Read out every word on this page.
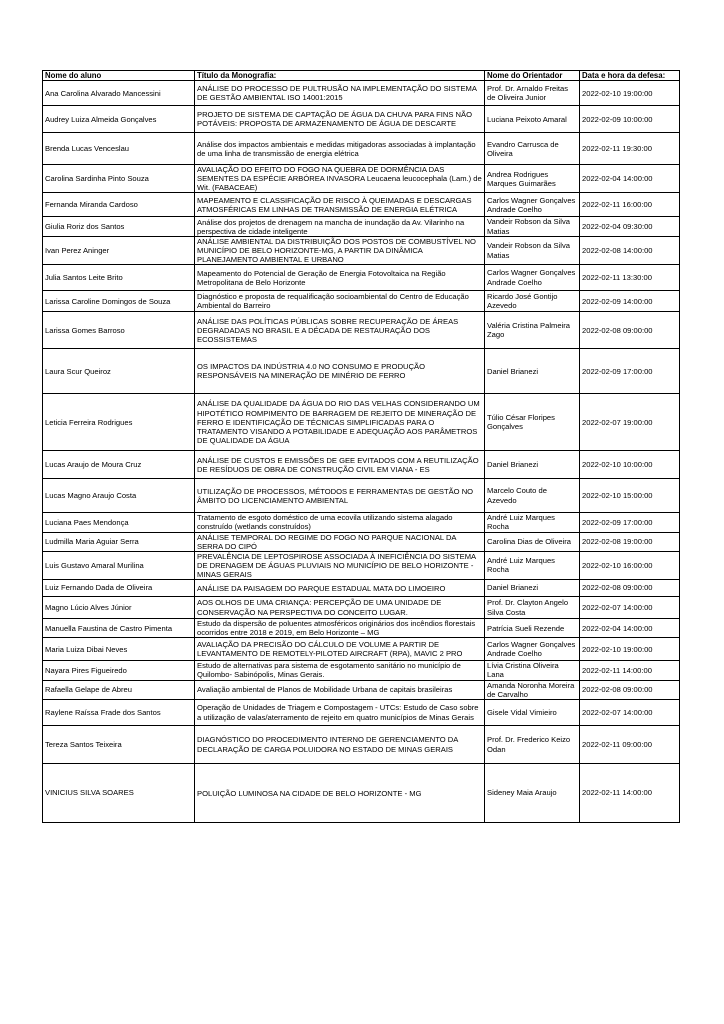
Nome do aluno	Título da Monografia:	Nome do Orientador	Data e hora da defesa:
Ana Carolina Alvarado Mancessini	ANÁLISE DO PROCESSO DE PULTRUSÃO NA IMPLEMENTAÇÃO DO SISTEMA DE GESTÃO AMBIENTAL ISO 14001:2015	Prof. Dr. Arnaldo Freitas de Oliveira Junior	2022-02-10 19:00:00
Audrey Luiza Almeida Gonçalves	PROJETO DE SISTEMA DE CAPTAÇÃO DE ÁGUA DA CHUVA PARA FINS NÃO POTÁVEIS: PROPOSTA DE ARMAZENAMENTO DE ÁGUA DE DESCARTE	Luciana Peixoto Amaral	2022-02-09 10:00:00
Brenda Lucas Venceslau	Análise dos impactos ambientais e medidas mitigadoras associadas à implantação de uma linha de transmissão de energia elétrica	Evandro Carrusca de Oliveira	2022-02-11 19:30:00
Carolina Sardinha Pinto Souza	AVALIAÇÃO DO EFEITO DO FOGO NA QUEBRA DE DORMÊNCIA DAS SEMENTES DA ESPÉCIE ARBÓREA INVASORA Leucaena leucocephala (Lam.) de Wit. (FABACEAE)	Andrea Rodrigues Marques Guimarães	2022-02-04 14:00:00
Fernanda Miranda Cardoso	MAPEAMENTO E CLASSIFICAÇÃO DE RISCO À QUEIMADAS E DESCARGAS ATMOSFÉRICAS EM LINHAS DE TRANSMISSÃO DE ENERGIA ELÉTRICA	Carlos Wagner Gonçalves Andrade Coelho	2022-02-11 16:00:00
Giulia Roriz dos Santos	Análise dos projetos de drenagem na mancha de inundação da Av. Vilarinho na perspectiva de cidade inteligente	Vandeir Robson da Silva Matias	2022-02-04 09:30:00
Ivan Perez Aninger	ANÁLISE AMBIENTAL DA DISTRIBUIÇÃO DOS POSTOS DE COMBUSTÍVEL NO MUNICÍPIO DE BELO HORIZONTE-MG, A PARTIR DA DINÂMICA PLANEJAMENTO AMBIENTAL E URBANO	Vandeir Robson da Silva Matias	2022-02-08 14:00:00
Julia Santos Leite Brito	Mapeamento do Potencial de Geração de Energia Fotovoltaica na Região Metropolitana de Belo Horizonte	Carlos Wagner Gonçalves Andrade Coelho	2022-02-11 13:30:00
Larissa Caroline Domingos de Souza	Diagnóstico e proposta de requalificação socioambiental do Centro de Educação Ambiental do Barreiro	Ricardo José Gontijo Azevedo	2022-02-09 14:00:00
Larissa Gomes Barroso	ANÁLISE DAS POLÍTICAS PÚBLICAS SOBRE RECUPERAÇÃO DE ÁREAS DEGRADADAS NO BRASIL E A DÉCADA DE RESTAURAÇÃO DOS ECOSSISTEMAS	Valéria Cristina Palmeira Zago	2022-02-08 09:00:00
Laura Scur Queiroz	OS IMPACTOS DA INDÚSTRIA 4.0 NO CONSUMO E PRODUÇÃO RESPONSÁVEIS NA MINERAÇÃO DE MINÉRIO DE FERRO	Daniel Brianezi	2022-02-09 17:00:00
Leticia Ferreira Rodrigues	ANÁLISE DA QUALIDADE DA ÁGUA DO RIO DAS VELHAS CONSIDERANDO UM HIPOTÉTICO ROMPIMENTO DE BARRAGEM DE REJEITO DE MINERAÇÃO DE FERRO E IDENTIFICAÇÃO DE TÉCNICAS SIMPLIFICADAS PARA O TRATAMENTO VISANDO A POTABILIDADE E ADEQUAÇÃO AOS PARÂMETROS DE QUALIDADE DA ÁGUA	Túlio César Floripes Gonçalves	2022-02-07 19:00:00
Lucas Araujo de Moura Cruz	ANÁLISE DE CUSTOS E EMISSÕES DE GEE EVITADOS COM A REUTILIZAÇÃO DE RESÍDUOS DE OBRA DE CONSTRUÇÃO CIVIL EM VIANA - ES	Daniel Brianezi	2022-02-10 10:00:00
Lucas Magno Araujo Costa	UTILIZAÇÃO DE PROCESSOS, MÉTODOS E FERRAMENTAS DE GESTÃO NO ÂMBITO DO LICENCIAMENTO AMBIENTAL	Marcelo Couto de Azevedo	2022-02-10 15:00:00
Luciana Paes Mendonça	Tratamento de esgoto doméstico de uma ecovila utilizando sistema alagado construído (wetlands construídos)	André Luiz Marques Rocha	2022-02-09 17:00:00
Ludmilla Maria Aguiar Serra	ANÁLISE TEMPORAL DO REGIME DO FOGO NO PARQUE NACIONAL DA SERRA DO CIPÓ	Carolina Dias de Oliveira	2022-02-08 19:00:00
Luis Gustavo Amaral Murilina	PREVALÊNCIA DE LEPTOSPIROSE ASSOCIADA À INEFICIÊNCIA DO SISTEMA DE DRENAGEM DE ÁGUAS PLUVIAIS NO MUNICÍPIO DE BELO HORIZONTE - MINAS GERAIS	André Luiz Marques Rocha	2022-02-10 16:00:00
Luiz Fernando Dada de Oliveira	ANÁLISE DA PAISAGEM DO PARQUE ESTADUAL MATA DO LIMOEIRO	Daniel Brianezi	2022-02-08 09:00:00
Magno Lúcio Alves Júnior	AOS OLHOS DE UMA CRIANÇA: PERCEPÇÃO DE UMA UNIDADE DE CONSERVAÇÃO NA PERSPECTIVA DO CONCEITO LUGAR.	Prof. Dr. Clayton Angelo Silva Costa	2022-02-07 14:00:00
Manuella Faustina de Castro Pimenta	Estudo da dispersão de poluentes atmosféricos originários dos incêndios florestais ocorridos entre 2018 e 2019, em Belo Horizonte – MG	Patrícia Sueli Rezende	2022-02-04 14:00:00
Maria Luiza Dibai Neves	AVALIAÇÃO DA PRECISÃO DO CÁLCULO DE VOLUME A PARTIR DE LEVANTAMENTO DE REMOTELY-PILOTED AIRCRAFT (RPA), MAVIC 2 PRO	Carlos Wagner Gonçalves Andrade Coelho	2022-02-10 19:00:00
Nayara Pires Figueiredo	Estudo de alternativas para sistema de esgotamento sanitário no município de Quilombo- Sabinópolis, Minas Gerais.	Lívia Cristina Oliveira Lana	2022-02-11 14:00:00
Rafaella Gelape de Abreu	Avaliação ambiental de Planos de Mobilidade Urbana de capitais brasileiras	Amanda Noronha Moreira de Carvalho	2022-02-08 09:00:00
Raylene Raíssa Frade dos Santos	Operação de Unidades de Triagem e Compostagem - UTCs: Estudo de Caso sobre a utilização de valas/aterramento de rejeito em quatro municípios de Minas Gerais	Gisele Vidal Vimieiro	2022-02-07 14:00:00
Tereza Santos Teixeira	DIAGNÓSTICO DO PROCEDIMENTO INTERNO DE GERENCIAMENTO DA DECLARAÇÃO DE CARGA POLUIDORA NO ESTADO DE MINAS GERAIS	Prof. Dr. Frederico Keizo Odan	2022-02-11 09:00:00
VINICIUS SILVA SOARES	POLUIÇÃO LUMINOSA NA CIDADE DE BELO HORIZONTE - MG	Sideney Maia Araujo	2022-02-11 14:00:00
